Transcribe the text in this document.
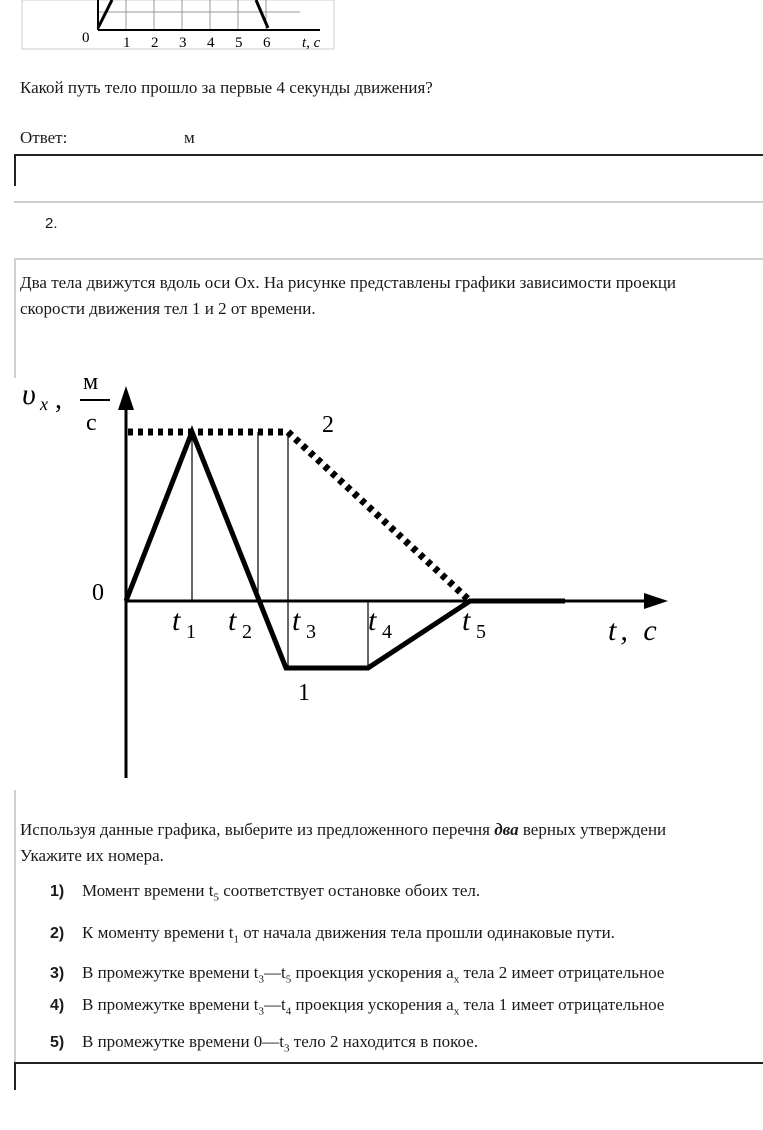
0 1 2 3 4 5 6 t, c
Какой путь тело прошло за первые 4 секунды движения?
Ответ:	м
2.
Два тела движутся вдоль оси Ox. На рисунке представлены графики зависимости проекци
скорости движения тел 1 и 2 от времени.
υ x ,
м
с
0
t 1 t 2 t 3 t 4 t 5	t, c
1
2
Используя данные графика, выберите из предложенного перечня два верных утверждени
Укажите их номера.
1) Момент времени $t_5$ соответствует остановке обоих тел.
2) К моменту времени $t_1$ от начала движения тела прошли одинаковые пути.
3) В промежутке времени $t_3—t_5$ проекция ускорения $a_x$ тела 2 имеет отрицательное
4) В промежутке времени $t_3—t_4$ проекция ускорения $a_x$ тела 1 имеет отрицательное
5) В промежутке времени $0—t_3$ тело 2 находится в покое.
